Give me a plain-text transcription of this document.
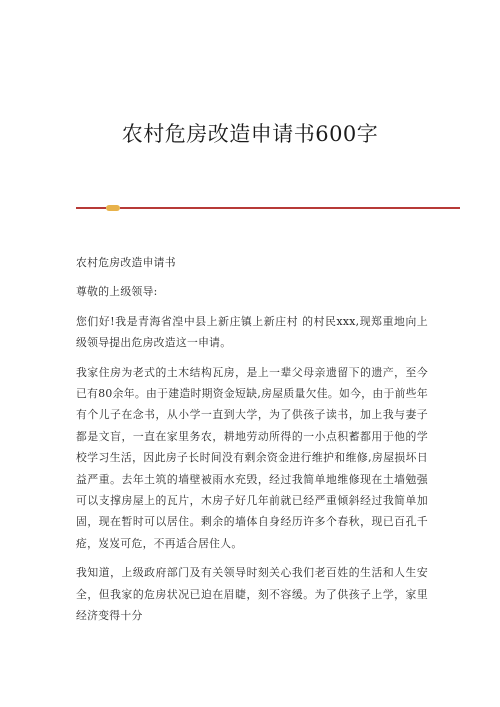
农村危房改造申请书600字

农村危房改造申请书

尊敬的上级领导:

您们好!我是青海省湟中县上新庄镇上新庄村 的村民xxx,现郑重地向上级领导提出危房改造这一申请。

我家住房为老式的土木结构瓦房，是上一辈父母亲遗留下的遗产，至今已有80余年。由于建造时期资金短缺,房屋质量欠佳。如今，由于前些年有个儿子在念书，从小学一直到大学，为了供孩子读书，加上我与妻子都是文盲，一直在家里务农，耕地劳动所得的一小点积蓄都用于他的学校学习生活，因此房子长时间没有剩余资金进行维护和维修,房屋损坏日益严重。去年土筑的墙壁被雨水充毁，经过我简单地维修现在土墙勉强可以支撑房屋上的瓦片，木房子好几年前就已经严重倾斜经过我简单加固，现在暂时可以居住。剩余的墙体自身经历许多个春秋，现已百孔千疮，岌岌可危，不再适合居住人。

我知道，上级政府部门及有关领导时刻关心我们老百姓的生活和人生安全，但我家的危房状况已迫在眉睫，刻不容缓。为了供孩子上学，家里经济变得十分
